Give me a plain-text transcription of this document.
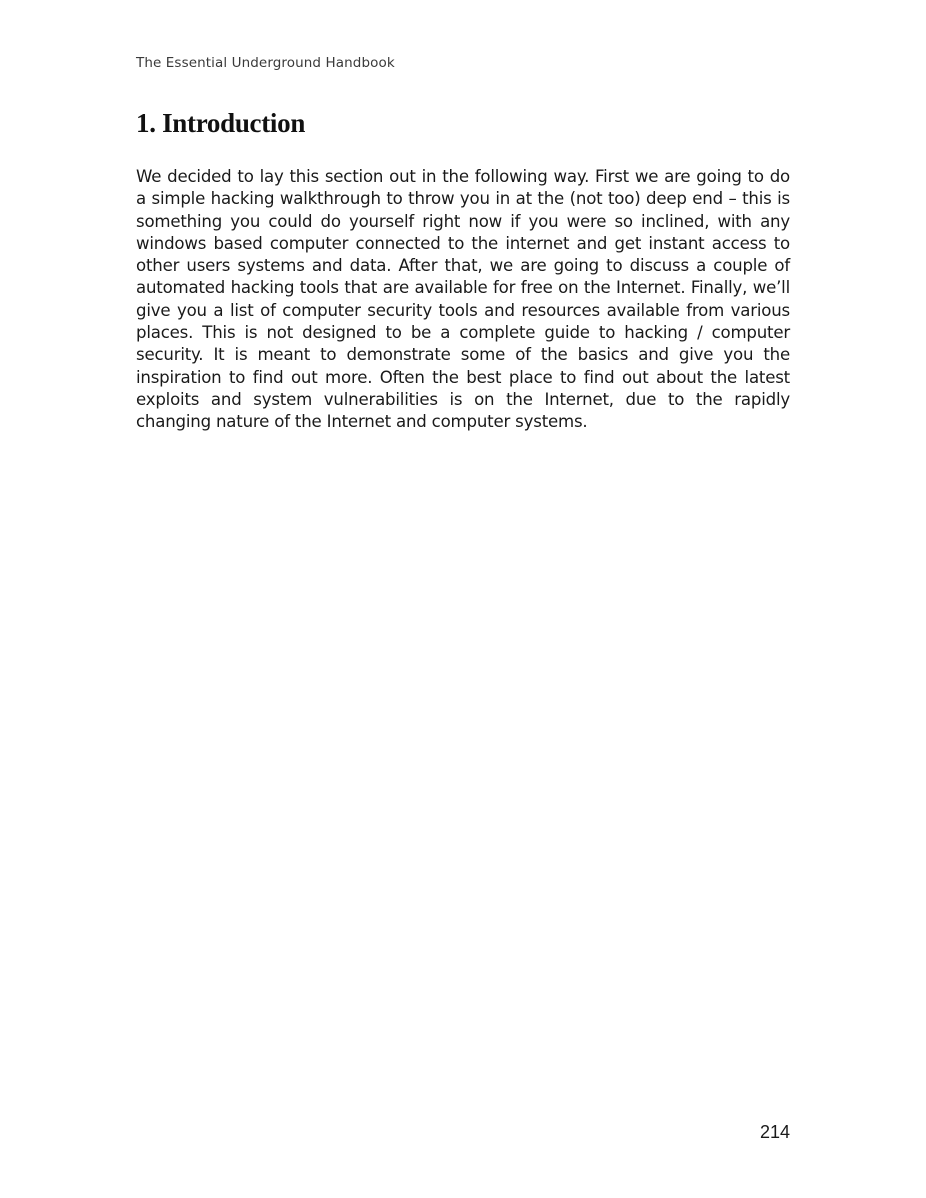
The Essential Underground Handbook
1. Introduction

We decided to lay this section out in the following way. First we are going to do a simple hacking walkthrough to throw you in at the (not too) deep end – this is something you could do yourself right now if you were so inclined, with any windows based computer connected to the internet and get instant access to other users systems and data. After that, we are going to discuss a couple of automated hacking tools that are available for free on the Internet. Finally, we’ll give you a list of computer security tools and resources available from various places. This is not designed to be a complete guide to hacking / computer security. It is meant to demonstrate some of the basics and give you the inspiration to find out more. Often the best place to find out about the latest exploits and system vulnerabilities is on the Internet, due to the rapidly changing nature of the Internet and computer systems.

214
